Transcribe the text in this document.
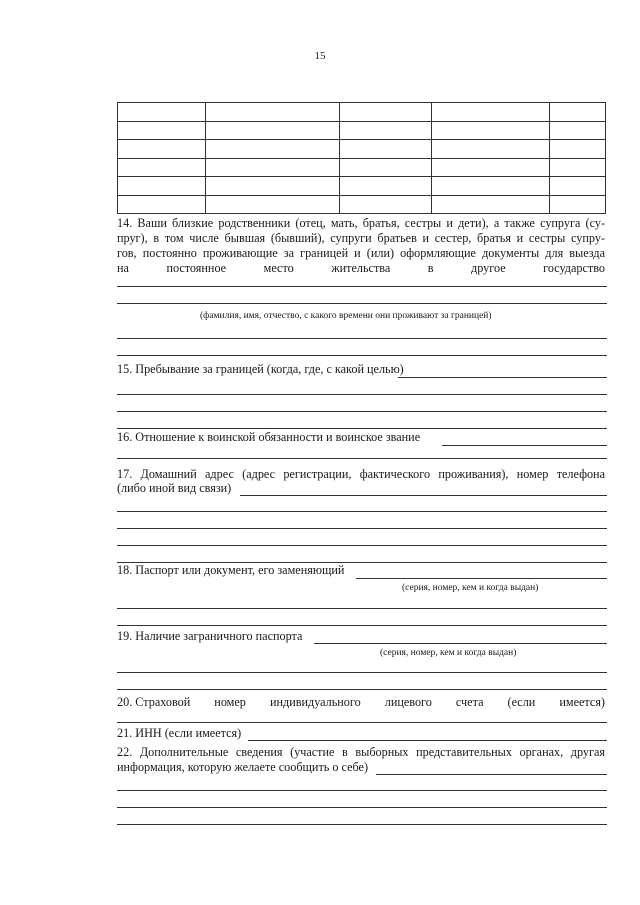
15

14. Ваши близкие родственники (отец, мать, братья, сестры и дети), а также супруга (су-
пруг), в том числе бывшая (бывший), супруги братьев и сестер, братья и сестры супру-
гов, постоянно проживающие за границей и (или) оформляющие документы для выезда
на	постоянное	место	жительства	в	другое	государство
(фамилия, имя, отчество, с какого времени они проживают за границей)
15. Пребывание за границей (когда, где, с какой целью)
16. Отношение к воинской обязанности и воинское звание
17. Домашний адрес (адрес регистрации, фактического проживания), номер телефона
(либо иной вид связи)
18. Паспорт или документ, его заменяющий
(серия, номер, кем и когда выдан)
19. Наличие заграничного паспорта
(серия, номер, кем и когда выдан)
20. Страховой номер индивидуального лицевого счета (если имеется)
21. ИНН (если имеется)
22. Дополнительные сведения (участие в выборных представительных органах, другая
информация, которую желаете сообщить о себе)
